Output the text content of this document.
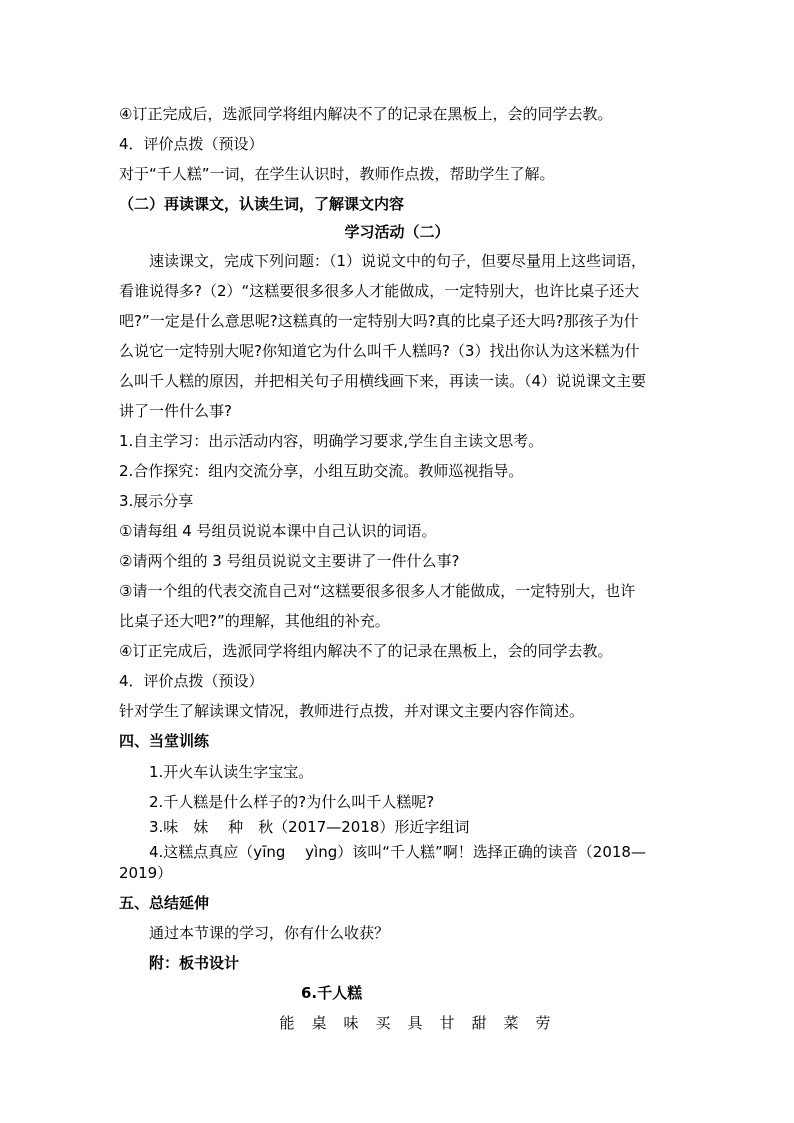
④订正完成后，选派同学将组内解决不了的记录在黑板上，会的同学去教。
4．评价点拨（预设）
对于“千人糕”一词，在学生认识时，教师作点拨，帮助学生了解。
（二）再读课文，认读生词，了解课文内容
学习活动（二）
速读课文，完成下列问题：（1）说说文中的句子，但要尽量用上这些词语，
看谁说得多?（2）“这糕要很多很多人才能做成，一定特别大，也许比桌子还大
吧?”一定是什么意思呢?这糕真的一定特别大吗?真的比桌子还大吗?那孩子为什
么说它一定特别大呢?你知道它为什么叫千人糕吗?（3）找出你认为这米糕为什
么叫千人糕的原因，并把相关句子用横线画下来，再读一读。（4）说说课文主要
讲了一件什么事?
1.自主学习：出示活动内容，明确学习要求,学生自主读文思考。
2.合作探究：组内交流分享，小组互助交流。教师巡视指导。
3.展示分享
①请每组 4 号组员说说本课中自己认识的词语。
②请两个组的 3 号组员说说文主要讲了一件什么事?
③请一个组的代表交流自己对“这糕要很多很多人才能做成，一定特别大，也许
比桌子还大吧?”的理解，其他组的补充。
④订正完成后，选派同学将组内解决不了的记录在黑板上，会的同学去教。
4．评价点拨（预设）
针对学生了解读课文情况，教师进行点拨，并对课文主要内容作简述。
四、当堂训练
1.开火车认读生字宝宝。
2.千人糕是什么样子的?为什么叫千人糕呢?
3.味　妹　 种　秋（2017—2018）形近字组词
4.这糕点真应（yīng　 yìng）该叫“千人糕”啊！选择正确的读音（2018—
2019）
五、总结延伸
通过本节课的学习，你有什么收获？
附：板书设计
6.千人糕
能 桌 味 买 具 甘 甜 菜 劳
